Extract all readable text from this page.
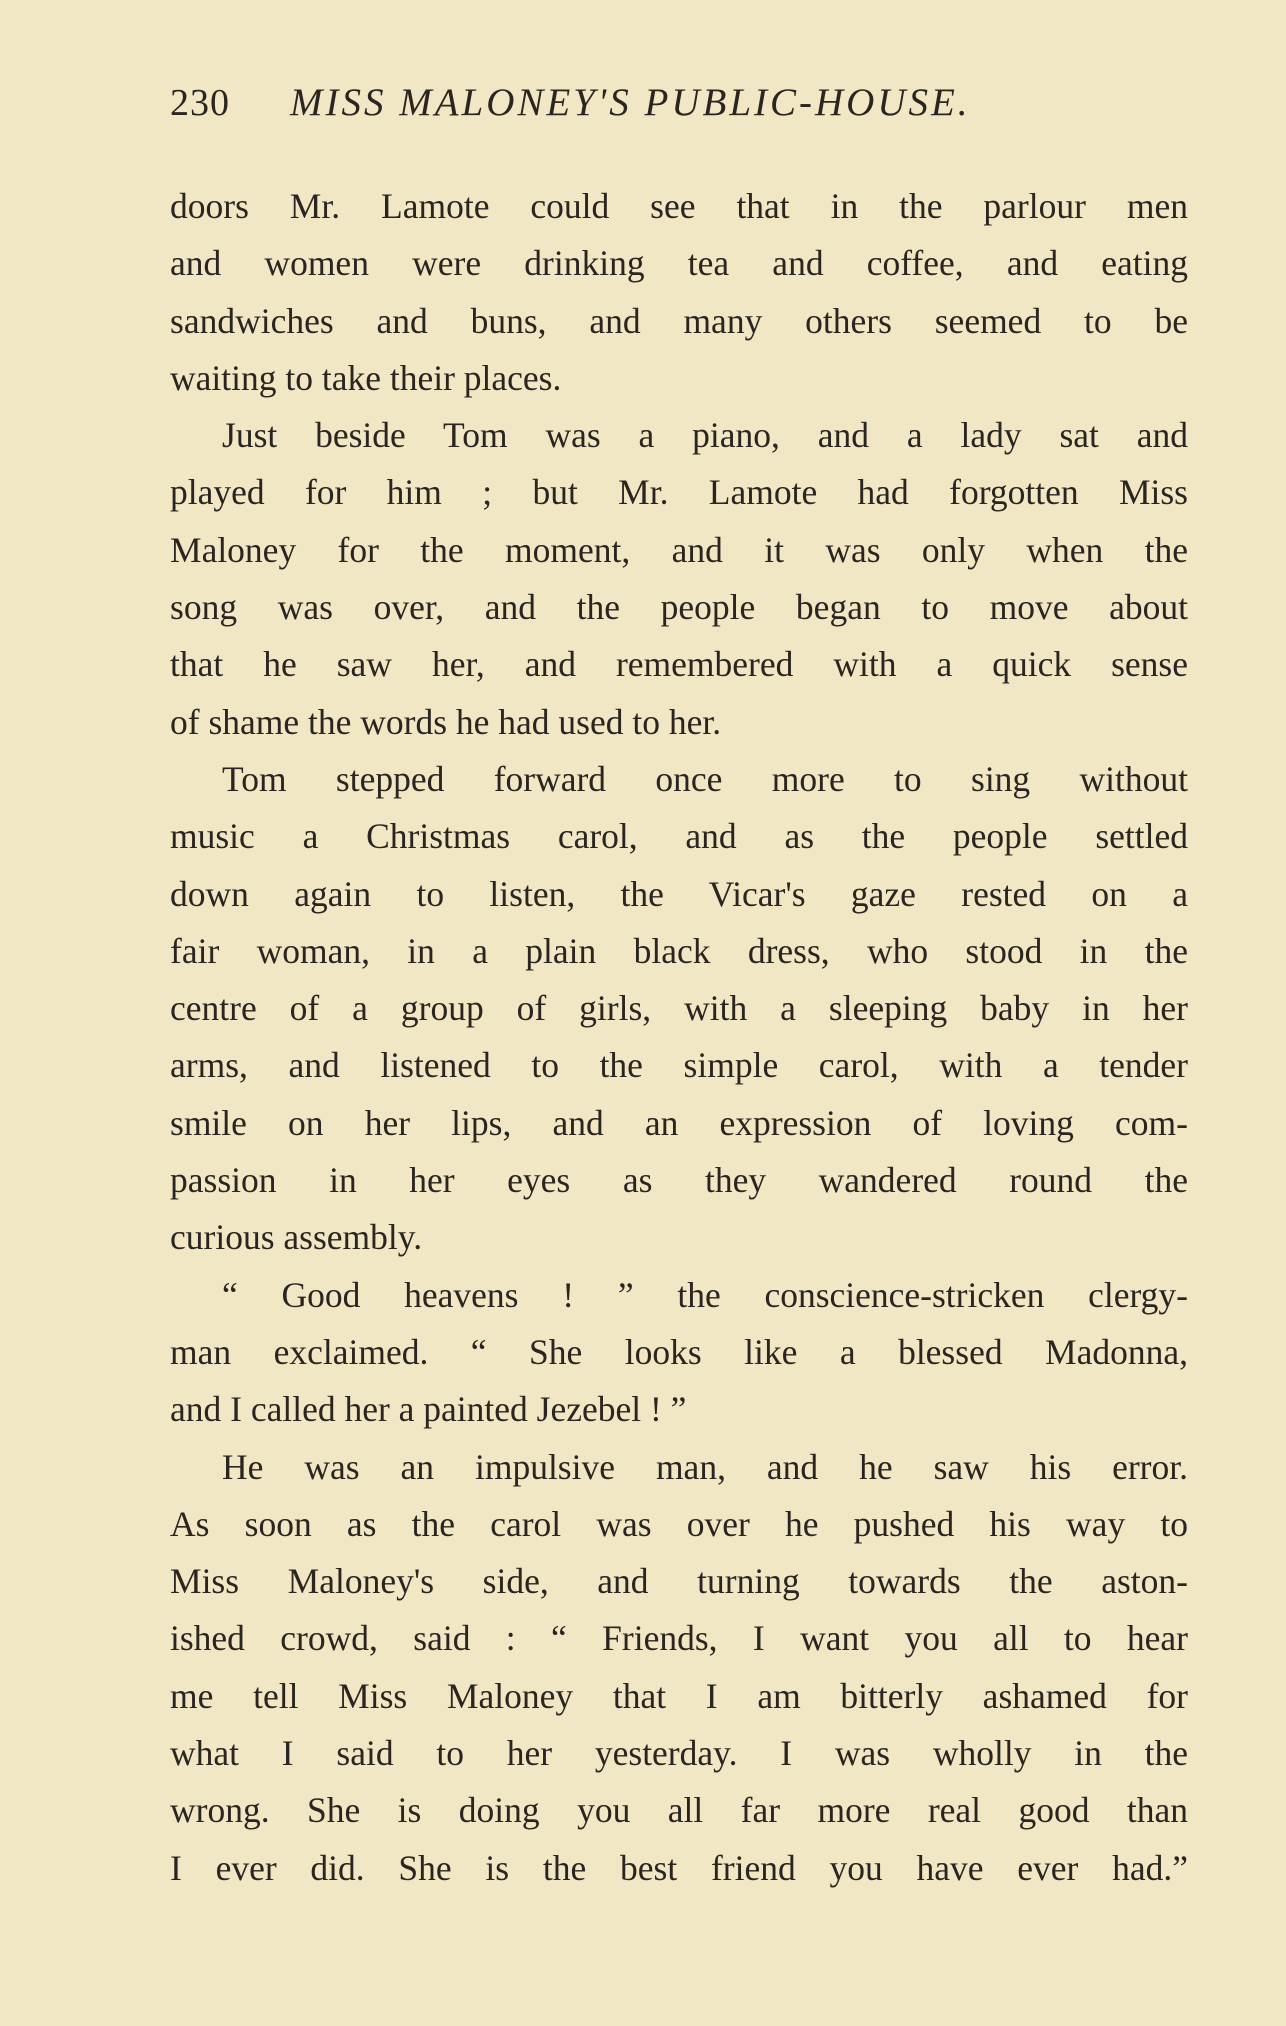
230	MISS MALONEY'S PUBLIC-HOUSE.
doors Mr. Lamote could see that in the parlour men
and women were drinking tea and coffee, and eating
sandwiches and buns, and many others seemed to be
waiting to take their places.
Just beside Tom was a piano, and a lady sat and
played for him ; but Mr. Lamote had forgotten Miss
Maloney for the moment, and it was only when the
song was over, and the people began to move about
that he saw her, and remembered with a quick sense
of shame the words he had used to her.
Tom stepped forward once more to sing without
music a Christmas carol, and as the people settled
down again to listen, the Vicar's gaze rested on a
fair woman, in a plain black dress, who stood in the
centre of a group of girls, with a sleeping baby in her
arms, and listened to the simple carol, with a tender
smile on her lips, and an expression of loving com-
passion in her eyes as they wandered round the
curious assembly.
“ Good heavens ! ” the conscience-stricken clergy-
man exclaimed. “ She looks like a blessed Madonna,
and I called her a painted Jezebel ! ”
He was an impulsive man, and he saw his error.
As soon as the carol was over he pushed his way to
Miss Maloney's side, and turning towards the aston-
ished crowd, said : “ Friends, I want you all to hear
me tell Miss Maloney that I am bitterly ashamed for
what I said to her yesterday. I was wholly in the
wrong. She is doing you all far more real good than
I ever did. She is the best friend you have ever had.”
